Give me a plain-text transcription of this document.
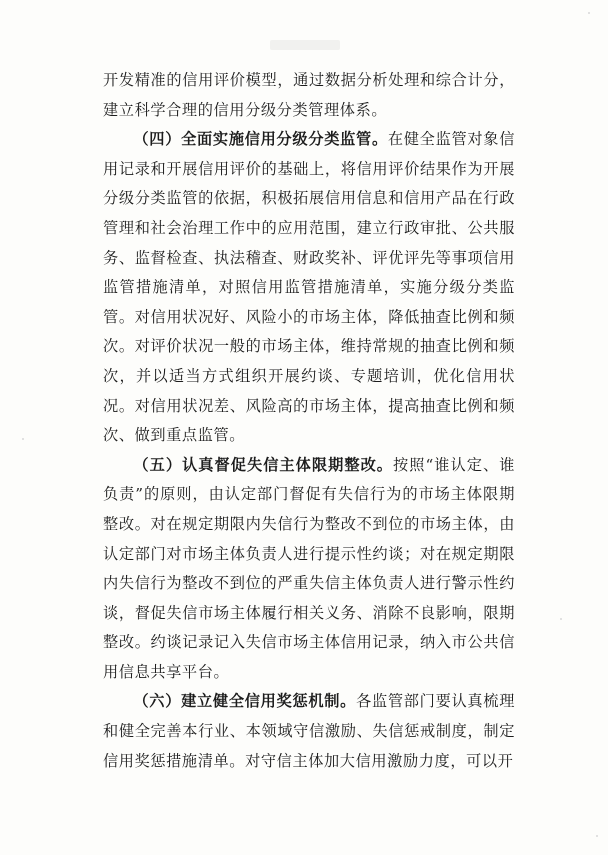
开发精准的信用评价模型，通过数据分析处理和综合计分，建立科学合理的信用分级分类管理体系。

（四）全面实施信用分级分类监管。在健全监管对象信用记录和开展信用评价的基础上，将信用评价结果作为开展分级分类监管的依据，积极拓展信用信息和信用产品在行政管理和社会治理工作中的应用范围，建立行政审批、公共服务、监督检查、执法稽查、财政奖补、评优评先等事项信用监管措施清单，对照信用监管措施清单，实施分级分类监管。对信用状况好、风险小的市场主体，降低抽查比例和频次。对评价状况一般的市场主体，维持常规的抽查比例和频次，并以适当方式组织开展约谈、专题培训，优化信用状况。对信用状况差、风险高的市场主体，提高抽查比例和频次、做到重点监管。

（五）认真督促失信主体限期整改。按照“谁认定、谁负责”的原则，由认定部门督促有失信行为的市场主体限期整改。对在规定期限内失信行为整改不到位的市场主体，由认定部门对市场主体负责人进行提示性约谈；对在规定期限内失信行为整改不到位的严重失信主体负责人进行警示性约谈，督促失信市场主体履行相关义务、消除不良影响，限期整改。约谈记录记入失信市场主体信用记录，纳入市公共信用信息共享平台。

（六）建立健全信用奖惩机制。各监管部门要认真梳理和健全完善本行业、本领域守信激励、失信惩戒制度，制定信用奖惩措施清单。对守信主体加大信用激励力度，可以开
